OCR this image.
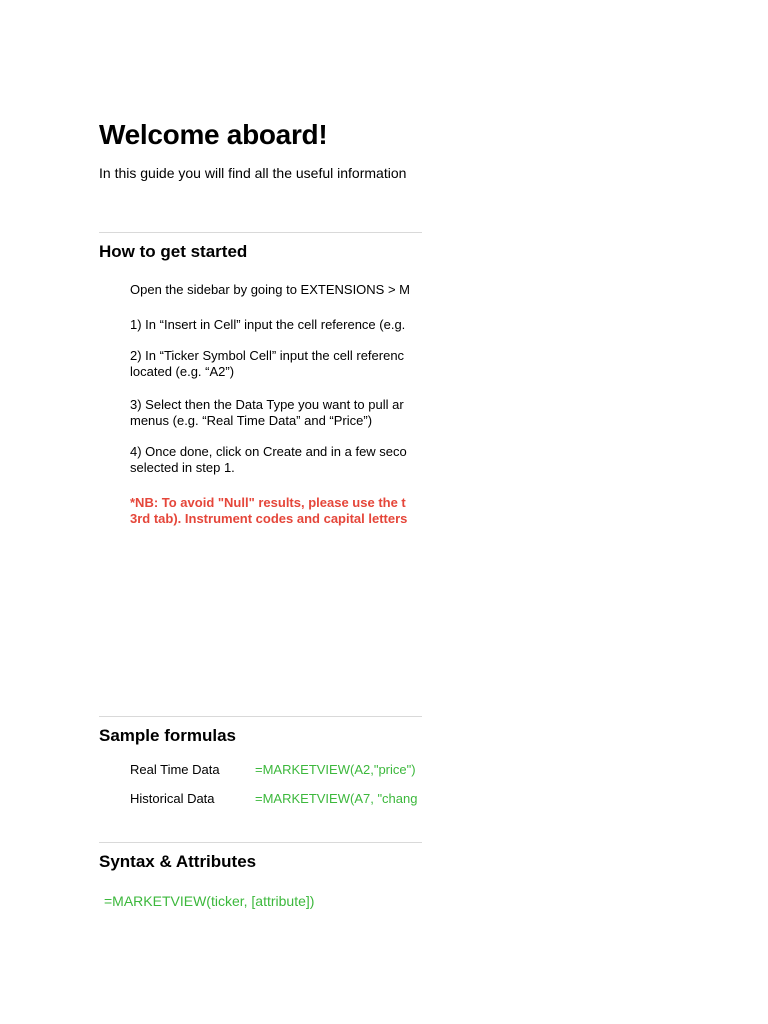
Welcome aboard!
In this guide you will find all the useful information
How to get started
Open the sidebar by going to EXTENSIONS > M
1) In “Insert in Cell” input the cell reference (e.g.
2) In “Ticker Symbol Cell” input the cell referenc
located (e.g. “A2”)
3) Select then the Data Type you want to pull ar
menus (e.g. “Real Time Data” and “Price”)
4) Once done, click on Create and in a few seco
selected in step 1.
*NB: To avoid "Null" results, please use the t
3rd tab). Instrument codes and capital letters
Sample formulas
Real Time Data	=MARKETVIEW(A2,"price")
Historical Data	=MARKETVIEW(A7, "chang
Syntax & Attributes
=MARKETVIEW(ticker, [attribute])
